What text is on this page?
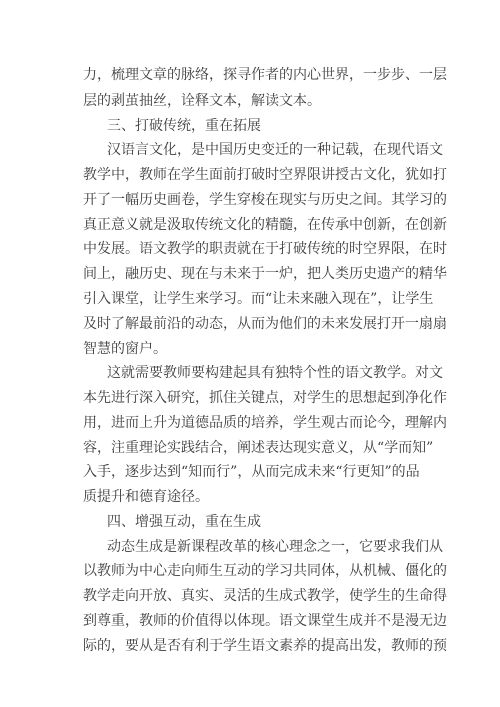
力，梳理文章的脉络，探寻作者的内心世界，一步步、一层
层的剥茧抽丝，诠释文本，解读文本。
三、打破传统，重在拓展
汉语言文化，是中国历史变迁的一种记载，在现代语文
教学中，教师在学生面前打破时空界限讲授古文化，犹如打
开了一幅历史画卷，学生穿梭在现实与历史之间。其学习的
真正意义就是汲取传统文化的精髓，在传承中创新，在创新
中发展。语文教学的职责就在于打破传统的时空界限，在时
间上，融历史、现在与未来于一炉，把人类历史遗产的精华
引入课堂，让学生来学习。而“让未来融入现在”，让学生
及时了解最前沿的动态，从而为他们的未来发展打开一扇扇
智慧的窗户。
这就需要教师要构建起具有独特个性的语文教学。对文
本先进行深入研究，抓住关键点，对学生的思想起到净化作
用，进而上升为道德品质的培养，学生观古而论今，理解内
容，注重理论实践结合，阐述表达现实意义，从“学而知”
入手，逐步达到“知而行”，从而完成未来“行更知”的品
质提升和德育途径。
四、增强互动，重在生成
动态生成是新课程改革的核心理念之一，它要求我们从
以教师为中心走向师生互动的学习共同体，从机械、僵化的
教学走向开放、真实、灵活的生成式教学，使学生的生命得
到尊重，教师的价值得以体现。语文课堂生成并不是漫无边
际的，要从是否有利于学生语文素养的提高出发，教师的预
